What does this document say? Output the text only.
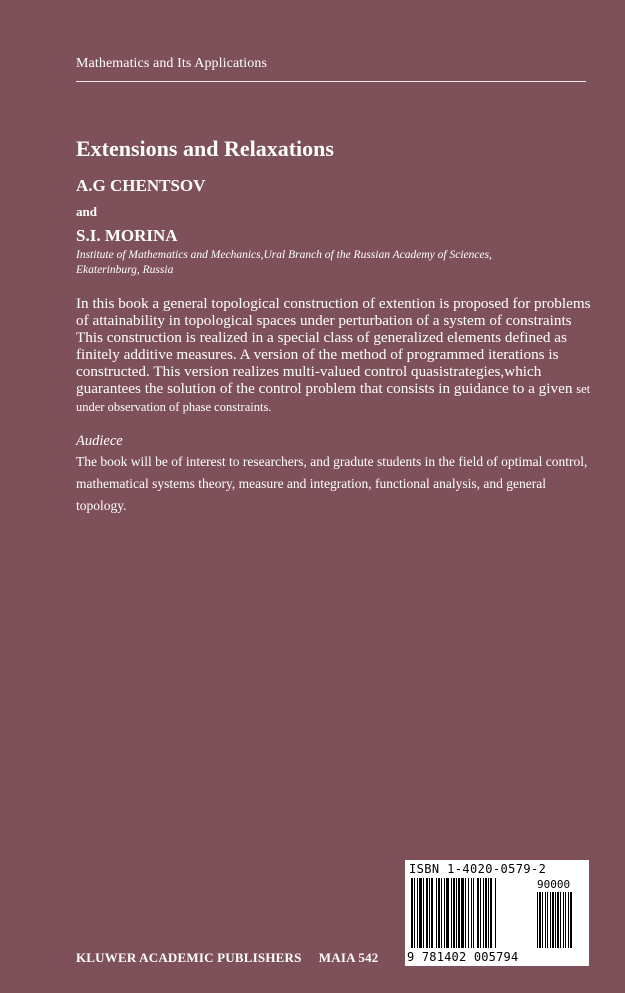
Mathematics and Its Applications
Extensions and Relaxations
A.G CHENTSOV
and
S.I. MORINA
Institute of Mathematics and Mechanics,Ural Branch of the Russian Academy of Sciences, Ekaterinburg, Russia
In this book a general topological construction of extention is proposed for problems of attainability in topological spaces under perturbation of a system of constraints This construction is realized in a special class of generalized elements defined as finitely additive measures. A version of the method of programmed iterations is constructed. This version realizes multi-valued control quasistrategies,which guarantees the solution of the control problem that consists in guidance to a given set under observation of phase constraints.
Audiece
The book will be of interest to researchers, and gradute students in the field of optimal control, mathematical systems theory, measure and integration, functional analysis, and general topology.
KLUWER ACADEMIC PUBLISHERS     MAIA 542
ISBN 1-4020-0579-2
90000
9 781402 005794
